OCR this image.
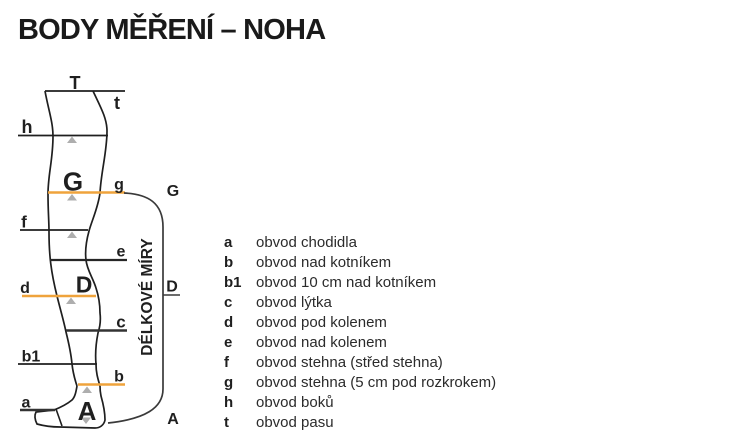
BODY MĚŘENÍ – NOHA
T
t
h
G g
f
e
d D
c
b1
b
a A
G
D
A
DÉLKOVÉ MÍRY	a	obvod chodidla
b	obvod nad kotníkem
b1 obvod 10 cm nad kotníkem
c	obvod lýtka
d	obvod pod kolenem
e	obvod nad kolenem
f	obvod stehna (střed stehna)
g	obvod stehna (5 cm pod rozkrokem)
h	obvod boků
t	obvod pasu
